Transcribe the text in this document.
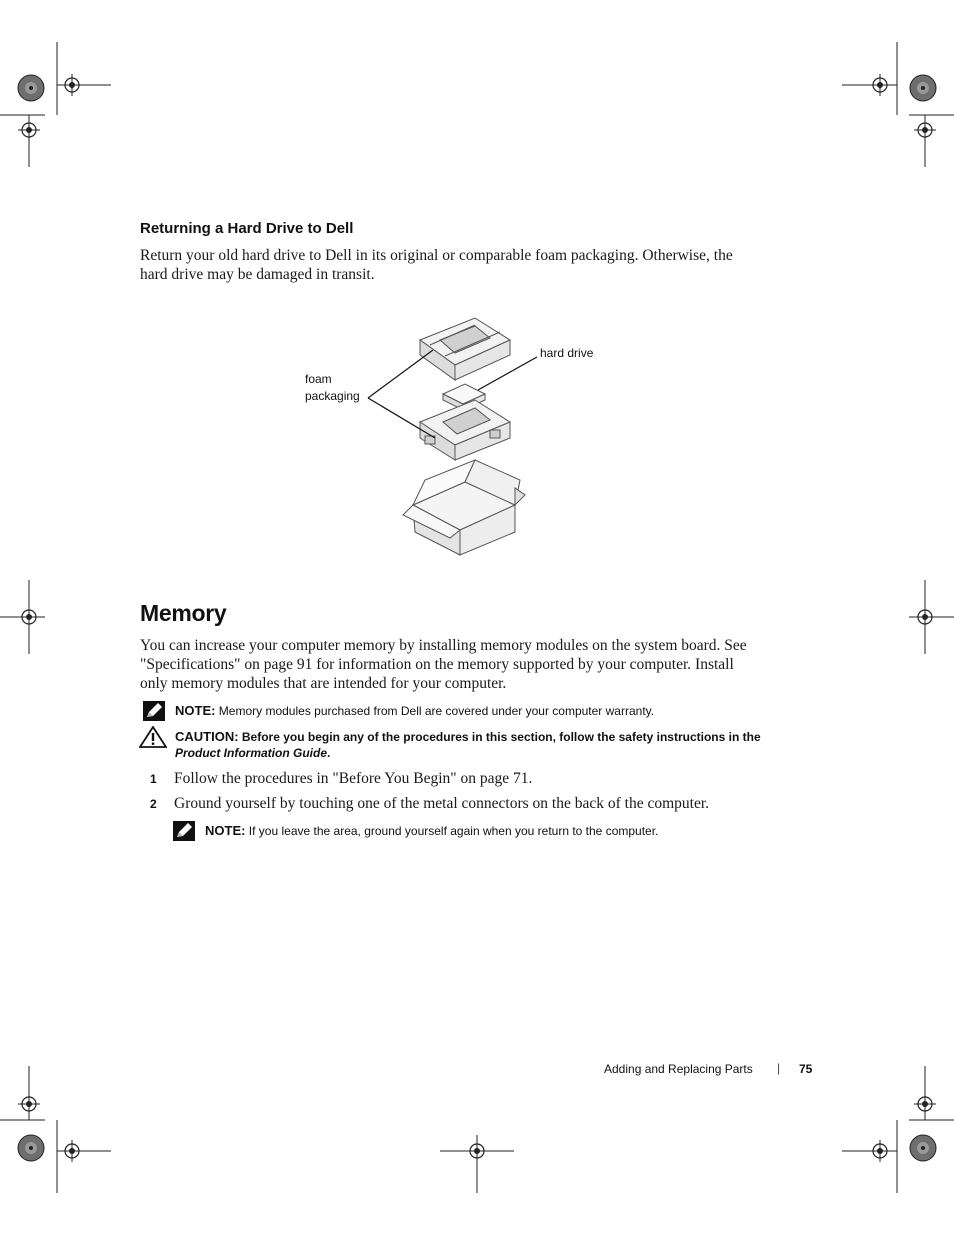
Returning a Hard Drive to Dell
Return your old hard drive to Dell in its original or comparable foam packaging. Otherwise, the
hard drive may be damaged in transit.
hard drive
foam
packaging
Memory
You can increase your computer memory by installing memory modules on the system board. See
"Specifications" on page 91 for information on the memory supported by your computer. Install
only memory modules that are intended for your computer.
NOTE: Memory modules purchased from Dell are covered under your computer warranty.
CAUTION: Before you begin any of the procedures in this section, follow the safety instructions in the
Product Information Guide.
1 Follow the procedures in "Before You Begin" on page 71.
2 Ground yourself by touching one of the metal connectors on the back of the computer.
NOTE: If you leave the area, ground yourself again when you return to the computer.
Adding and Replacing Parts | 75
